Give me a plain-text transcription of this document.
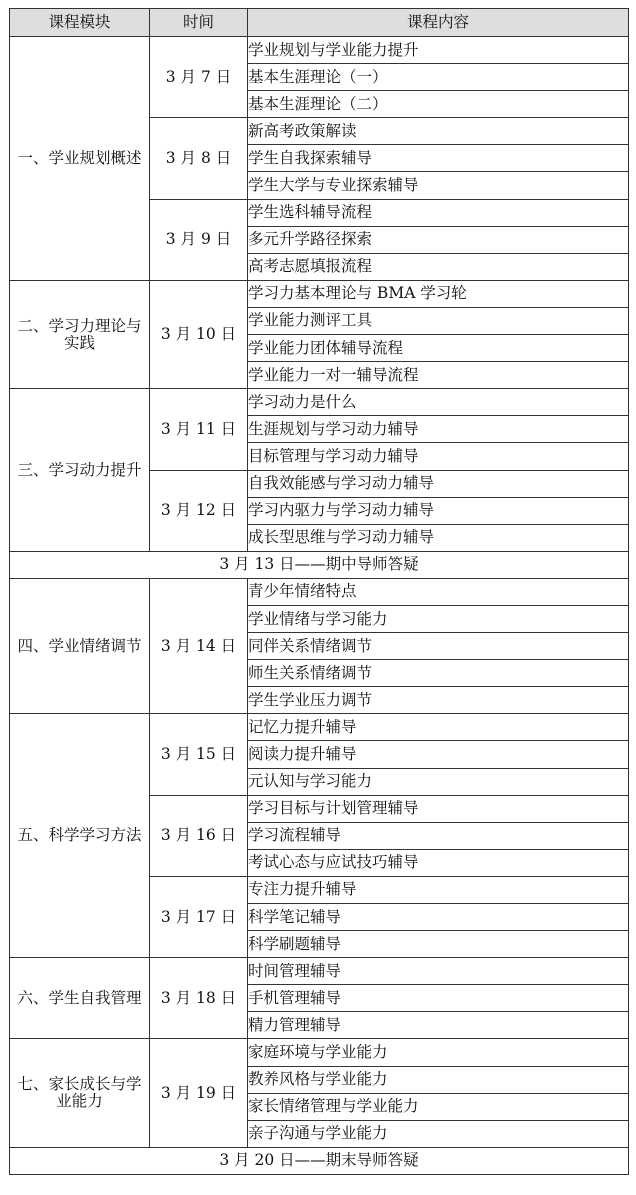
课程模块	时间	课程内容
一、学业规划概述	3 月 7 日	学业规划与学业能力提升
		基本生涯理论（一）
		基本生涯理论（二）
	3 月 8 日	新高考政策解读
		学生自我探索辅导
		学生大学与专业探索辅导
	3 月 9 日	学生选科辅导流程
		多元升学路径探索
		高考志愿填报流程
二、学习力理论与实践	3 月 10 日	学习力基本理论与 BMA 学习轮
		学业能力测评工具
		学业能力团体辅导流程
		学业能力一对一辅导流程
三、学习动力提升	3 月 11 日	学习动力是什么
		生涯规划与学习动力辅导
		目标管理与学习动力辅导
	3 月 12 日	自我效能感与学习动力辅导
		学习内驱力与学习动力辅导
		成长型思维与学习动力辅导
3 月 13 日——期中导师答疑		
四、学业情绪调节	3 月 14 日	青少年情绪特点
		学业情绪与学习能力
		同伴关系情绪调节
		师生关系情绪调节
		学生学业压力调节
五、科学学习方法	3 月 15 日	记忆力提升辅导
		阅读力提升辅导
		元认知与学习能力
	3 月 16 日	学习目标与计划管理辅导
		学习流程辅导
		考试心态与应试技巧辅导
	3 月 17 日	专注力提升辅导
		科学笔记辅导
		科学刷题辅导
六、学生自我管理	3 月 18 日	时间管理辅导
		手机管理辅导
		精力管理辅导
七、家长成长与学业能力	3 月 19 日	家庭环境与学业能力
		教养风格与学业能力
		家长情绪管理与学业能力
		亲子沟通与学业能力
3 月 20 日——期末导师答疑		
